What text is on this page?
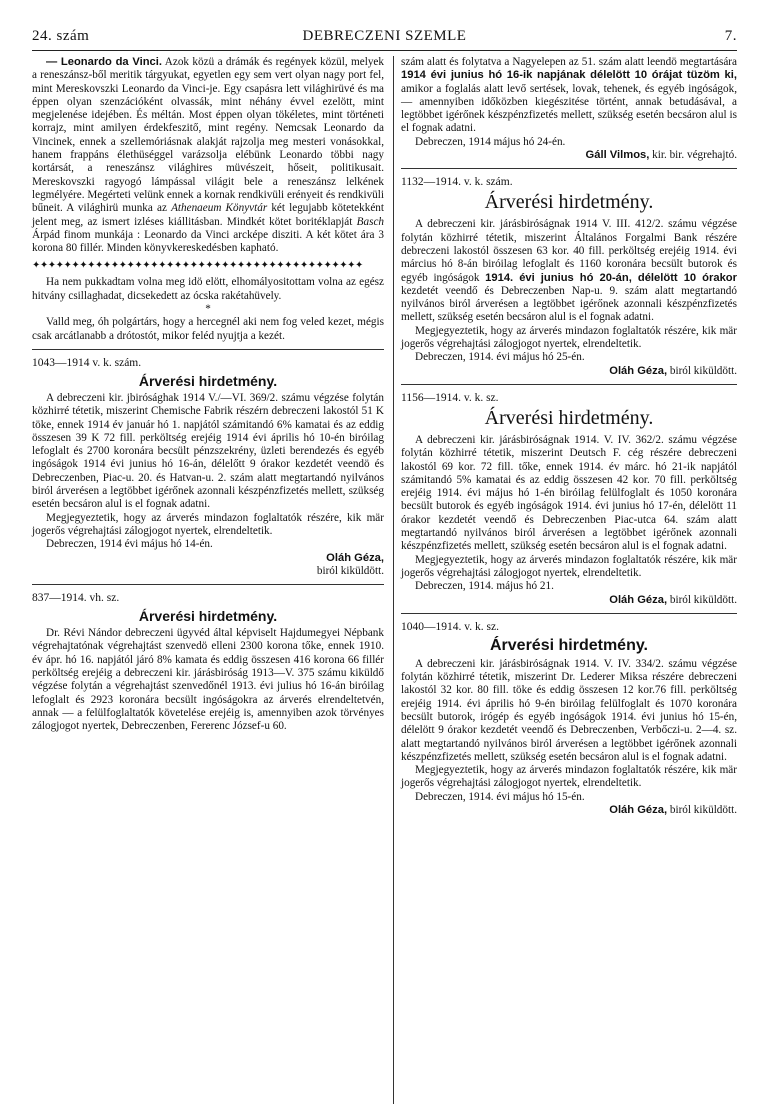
24. szám	DEBRECZENI SZEMLE	7.

— Leonardo da Vinci. Azok közü a drámák és regények közül, melyek a reneszánsz-ből meritik tárgyukat, egyetlen egy sem vert olyan nagy port fel, mint Mereskovszki Leonardo da Vinci-je. Egy csapásra lett világhirüvé és ma éppen olyan szenzációként olvassák, mint néhány évvel ezelött, mint megjelenése idejében. És méltán. Most éppen olyan tökéletes, mint történeti korrajz, mint amilyen érdekfeszitő, mint regény. Nemcsak Leonardo da Vincinek, ennek a szellemóriásnak alakját rajzolja meg mesteri vonásokkal, hanem frappáns élethüséggel varázsolja elébünk Leonardo többi nagy kortársát, a reneszánsz világhires müvészeit, hőseit, politikusait. Mereskovszki ragyogó lámpással világit bele a reneszánsz lelkének legmélyére. Megérteti velünk ennek a kornak rendkivüli erényeit és rendkivüli bűneit. A világhirü munka az Athenaeum Könyvtár két legujabb kötetekként jelent meg, az ismert izléses kiállitásban. Mindkét kötet boritéklapját Basch Árpád finom munkája : Leonardo da Vinci arcképe disziti. A két kötet ára 3 korona 80 fillér. Minden könyvkereskedésben kapható.

✦✦✦✦✦✦✦✦✦✦✦✦✦✦✦✦✦✦✦✦✦✦✦✦✦✦✦✦✦✦✦✦✦✦✦✦✦✦✦✦✦✦

Ha nem pukkadtam volna meg idö elött, elhomályositottam volna az egész hitvány csillaghadat, dicsekedett az ócska rakétahüvely.

*

Valld meg, óh polgártárs, hogy a hercegnél aki nem fog veled kezet, mégis csak arcátlanabb a drótostót, mikor feléd nyujtja a kezét.

1043—1914 v. k. szám.

Árverési hirdetmény.

A debreczeni kir. jbirósághak 1914 V./—VI. 369/2. számu végzése folytán közhirré tétetik, miszerint Chemische Fabrik részérn debreczeni lakostól 51 K töke, ennek 1914 év január hó 1. napjától számitandó 6% kamatai és az eddig összesen 39 K 72 fill. perköltség erejéig 1914 évi április hó 10-én biróilag lefoglalt és 2700 koronára becsült pénzszekrény, üzleti berendezés és egyéb ingóságok 1914 évi junius hó 16-án, délelőtt 9 órakor kezdetét veendö és Debreczenben, Piac-u. 20. és Hatvan-u. 2. szám alatt megtartandó nyilvános biról árverésen a legtöbbet igérőnek azonnali készpénzfizetés mellett, szükség esetén becsáron alul is el fognak adatni.

Megjegyeztetik, hogy az árverés mindazon foglaltatók részére, kik mär jogerős végrehajtási zálogjogot nyertek, elrendeltetik.

Debreczen, 1914 évi május hó 14-én.

Oláh Géza,

biról kiküldött.

837—1914. vh. sz.

Árverési hirdetmény.

Dr. Révi Nándor debreczeni ügyvéd által képviselt Hajdumegyei Népbank végrehajtatónak végrehajtást szenvedö elleni 2300 korona tőke, ennek 1910. év ápr. hó 16. napjától járó 8% kamata és eddig összesen 416 korona 66 fillér perköltség erejéig a debreczeni kir. járásbiróság 1913—V. 375 számu kiküldő végzése folytán a végrehajtást szenvedőnél 1913. évi julius hó 16-án biróilag lefoglalt és 2923 koronára becsült ingóságokra az árverés elrendeltetvén, annak — a felülfoglaltatók követelése erejéig is, amennyiben azok törvényes zálogjogot nyertek, Debreczenben, Fererenc József-u 60.

szám alatt és folytatva a Nagyelepen az 51. szám alatt leendö megtartására 1914 évi junius hó 16-ik napjának délelött 10 órájat tüzöm ki, amikor a foglalás alatt levő sertések, lovak, tehenek, és egyéb ingóságok, — amennyiben időközben kiegészitése történt, annak betudásával, a legtöbbet igérőnek készpénzfizetés mellett, szükség esetén becsáron alul is el fognak adatni.

Debreczen, 1914 május hó 24-én.

Gáll Vilmos, kir. bir. végrehajtó.

1132—1914. v. k. szám.

Árverési hirdetmény.

A debreczeni kir. járásbiróságnak 1914 V. III. 412/2. számu végzése folytán közhirré tétetik, miszerint Általános Forgalmi Bank részére debreczeni lakostól összesen 63 kor. 40 fill. perköltség erejéig 1914. évi március hó 8-án biróilag lefoglalt és 1160 koronára becsült butorok és egyéb ingóságok 1914. évi junius hó 20-án, délelött 10 órakor kezdetét veendő és Debreczenben Nap-u. 9. szám alatt megtartandó nyilvános biról árverésen a legtöbbet igérőnek azonnali készpénzfizetés mellett, szükség esetén becsáron alul is el fognak adatni.

Megjegyeztetik, hogy az árverés mindazon foglaltatók részére, kik mär jogerős végrehajtási zálogjogot nyertek, elrendeltetik.

Debreczen, 1914. évi május hó 25-én.

Oláh Géza, biról kiküldött.

1156—1914. v. k. sz.

Árverési hirdetmény.

A debreczeni kir. járásbiróságnak 1914. V. IV. 362/2. számu végzése folytán közhirré tétetik, miszerint Deutsch F. cég részére debreczeni lakostól 69 kor. 72 fill. tőke, ennek 1914. év márc. hó 21-ik napjától számitandó 5% kamatai és az eddig összesen 42 kor. 70 fill. perköltség erejéig 1914. évi május hó 1-én biróilag felülfoglalt és 1050 koronára becsült butorok és egyéb ingóságok 1914. évi junius hó 17-én, délelött 11 órakor kezdetét veendő és Debreczenben Piac-utca 64. szám alatt megtartandó nyilvános biról árverésen a legtöbbet igérőnek azonnali készpénzfizetés mellett, szükség esetén becsáron alul is el fognak adatni.

Megjegyeztetik, hogy az árverés mindazon foglaltatók részére, kik mär jogerős végrehajtási zálogjogot nyertek, elrendeltetik.

Debreczen, 1914. május hó 21.

Oláh Géza, biról kiküldött.

1040—1914. v. k. sz.

Árverési hirdetmény.

A debreczeni kir. járásbiróságnak 1914. V. IV. 334/2. számu végzése folytán közhirré tétetik, miszerint Dr. Lederer Miksa részére debreczeni lakostól 32 kor. 80 fill. töke és eddig összesen 12 kor.76 fill. perköltség erejéig 1914. évi április hó 9-én biróilag felülfoglalt és 1070 koronára becsült butorok, irógép és egyéb ingóságok 1914. évi junius hó 15-én, délelött 9 órakor kezdetét veendő és Debreczenben, Verbőczi-u. 2—4. sz. alatt megtartandó nyilvános biról árverésen a legtöbbet igérőnek azonnali készpénzfizetés mellett, szükség esetén becsáron alul is el fognak adatni.

Megjegyeztetik, hogy az árverés mindazon foglaltatók részére, kik mär jogerős végrehajtási zálogjogot nyertek, elrendeltetik.

Debreczen, 1914. évi május hó 15-én.

Oláh Géza, biról kiküldött.
